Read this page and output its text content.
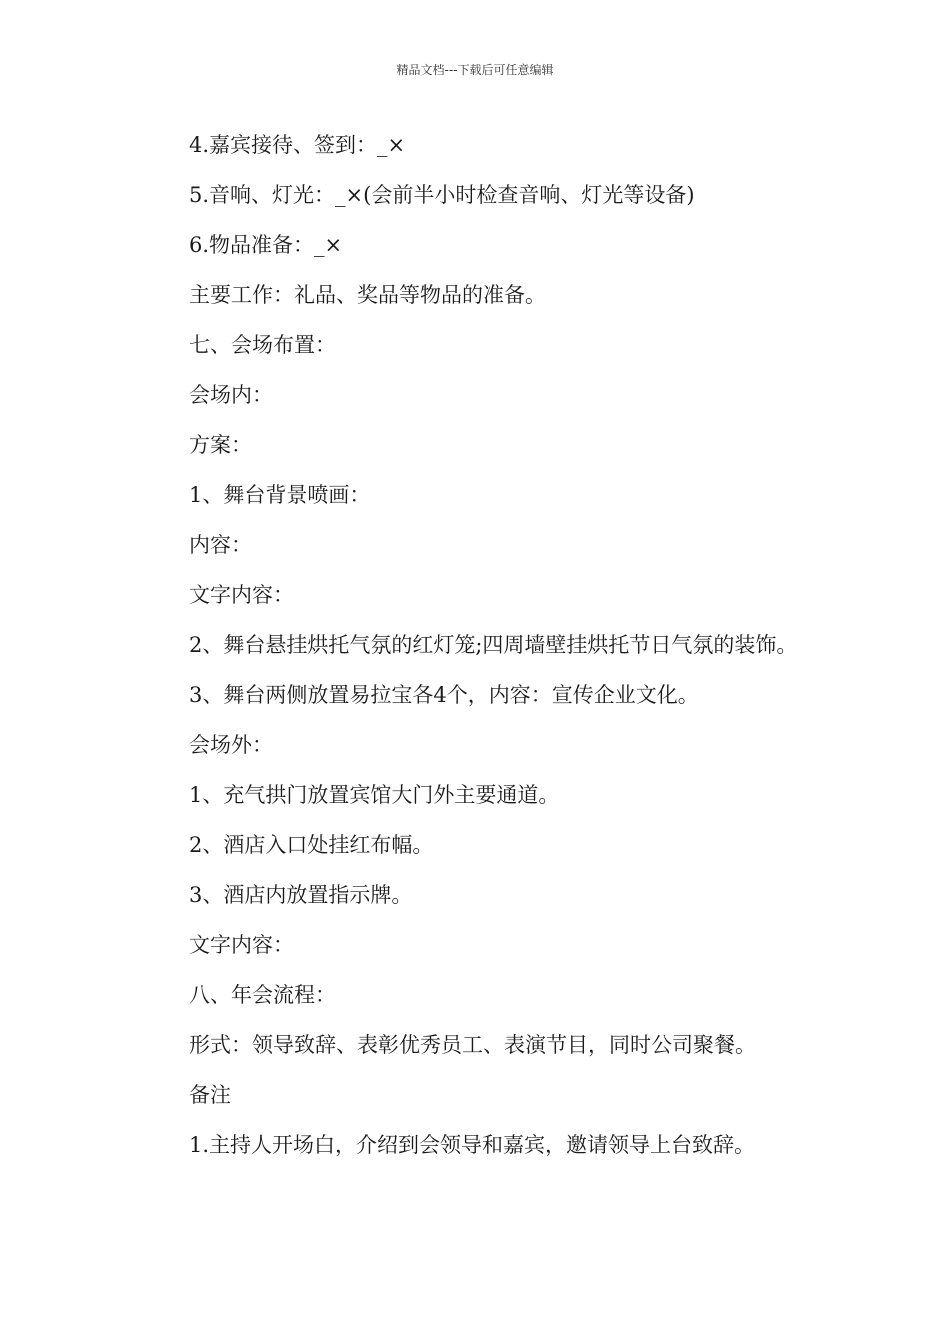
精品文档---下载后可任意编辑

4.嘉宾接待、签到：_×

5.音响、灯光：_×(会前半小时检查音响、灯光等设备)

6.物品准备：_×

主要工作：礼品、奖品等物品的准备。

七、会场布置：

会场内：

方案：

1、舞台背景喷画：

内容：

文字内容：

2、舞台悬挂烘托气氛的红灯笼;四周墙壁挂烘托节日气氛的装饰。

3、舞台两侧放置易拉宝各4个，内容：宣传企业文化。

会场外：

1、充气拱门放置宾馆大门外主要通道。

2、酒店入口处挂红布幅。

3、酒店内放置指示牌。

文字内容：

八、年会流程：

形式：领导致辞、表彰优秀员工、表演节目，同时公司聚餐。

备注

1.主持人开场白，介绍到会领导和嘉宾，邀请领导上台致辞。
